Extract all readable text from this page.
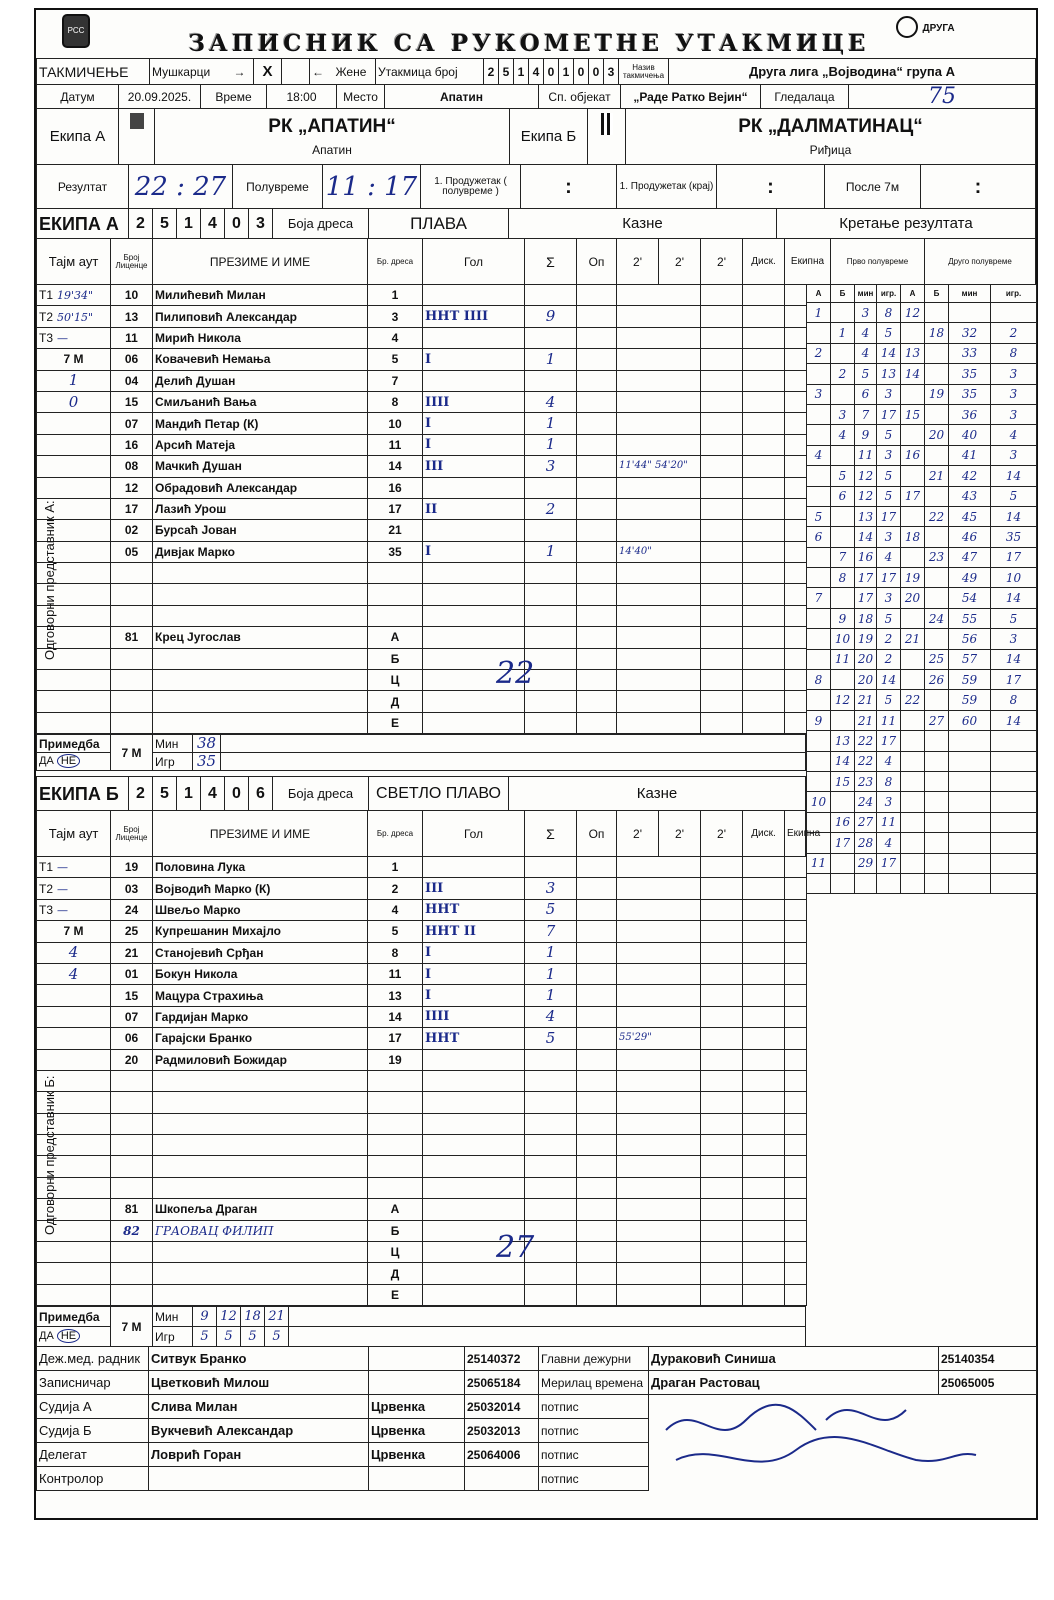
РСС	ЗАПИСНИК СА РУКОМЕТНЕ УТАКМИЦЕ
ДРУГА
ТАКМИЧЕЊЕ	Мушкарци	→	X		←	Жене	Утакмица број	2	5	1	4	0	1	0	0	3	Назив такмичења	Друга лига „Војводина“ група А
Датум	20.09.2025.	Време	18:00	Место	Апатин	Сп. објекат	„Раде Ратко Вејин“	Гледалаца	75
Екипа А		РК „АПАТИН“
Апатин
	Екипа Б		РК „ДАЛМАТИНАЦ“
Риђица
Резултат	22 : 27	Полувреме	11 : 17	1. Продужетак ( полувреме )	:	1. Продужетак (крај)	:	После 7м	:
ЕКИПА А	2	5	1	4	0	3	Боја дреса	ПЛАВА	Казне	Кретање резултата
Тајм аут	Број Лиценце	ПРЕЗИМЕ И ИМЕ	Бр. дреса	Гол	Σ	Оп	2'	2'	2'	Диск.	Екипна	Прво полувреме	Друго полувреме
T1 19'34"	10	Милићевић Милан	1							
T2 50'15"	13	Пилиповић Александар	3	HHT IIII	9					
T3 —	11	Мирић Никола	4							
7 M	06	Ковачевић Немања	5	I	1					
1	04	Делић Душан	7							
0	15	Смиљанић Вања	8	IIII	4					
	07	Мандић Петар (К)	10	I	1					
	16	Арсић Матеја	11	I	1					
	08	Мачкић Душан	14	III	3		11'44" 54'20"			
	12	Обрадовић Александар	16							
	17	Лазић Урош	17	II	2					
	02	Бурсаћ Јован	21							
	05	Дивјак Марко	35	I	1		14'40"			

	81	Крец Југослав	А							
			Б							
			Ц							
			Д							
			Е							
А	Б	мин	игр.	А	Б	мин	игр.
1		3	8	12			
	1	4	5		18	32	2
2		4	14	13		33	8
	2	5	13	14		35	3
3		6	3		19	35	3
	3	7	17	15		36	3
	4	9	5		20	40	4
4		11	3	16		41	3
	5	12	5		21	42	14
	6	12	5	17		43	5
5		13	17		22	45	14
6		14	3	18		46	35
	7	16	4		23	47	17
	8	17	17	19		49	10
7		17	3	20		54	14
	9	18	5		24	55	5
	10	19	2	21		56	3
	11	20	2		25	57	14
8		20	14		26	59	17
	12	21	5	22		59	8
9		21	11		27	60	14
	13	22	17				
	14	22	4				
	15	23	8				
10		24	3				
	16	27	11				
	17	28	4				
11		29	17				

Примедба	7 M	Мин	38	
ДА НЕ		Игр	35	
ЕКИПА Б	2	5	1	4	0	6	Боја дреса	СВЕТЛО ПЛАВО	Казне
Тајм аут	Број Лиценце	ПРЕЗИМЕ И ИМЕ	Бр. дреса	Гол	Σ	Оп	2'	2'	2'	Диск.	Екипна
T1 —	19	Половина Лука	1							
T2 —	03	Војводић Марко (К)	2	III	3					
T3 —	24	Швељо Марко	4	HHT	5					
7 M	25	Купрешанин Михајло	5	HHT II	7					
4	21	Станојевић Срђан	8	I	1					
4	01	Бокун Никола	11	I	1					
	15	Мацура Страхиња	13	I	1					
	07	Гардијан Марко	14	IIII	4					
	06	Гарајски Бранко	17	HHT	5		55'29"			
	20	Радмиловић Божидар	19							

	81	Шкопеља Драган	А							
	82	ГРАОВАЦ ФИЛИП	Б							
			Ц							
			Д							
			Е							
Примедба	7 M	Мин	9	12	18	21	
ДА НЕ		Игр	5	5	5	5	
Деж.мед. радник	Ситвук Бранко		25140372	Главни дежурни	Дураковић Синиша	25140354
Записничар	Цветковић Милош		25065184	Мерилац времена	Драган Растовац	25065005
Судија А	Слива Милан	Црвенка	25032014	потпис		
Судија Б	Вукчевић Александар	Црвенка	25032013	потпис		
Делегат	Ловрић Горан	Црвенка	25064006	потпис		
Контролор				потпис		
22
27
Одговорни представник А:
Одговорни представник Б:
